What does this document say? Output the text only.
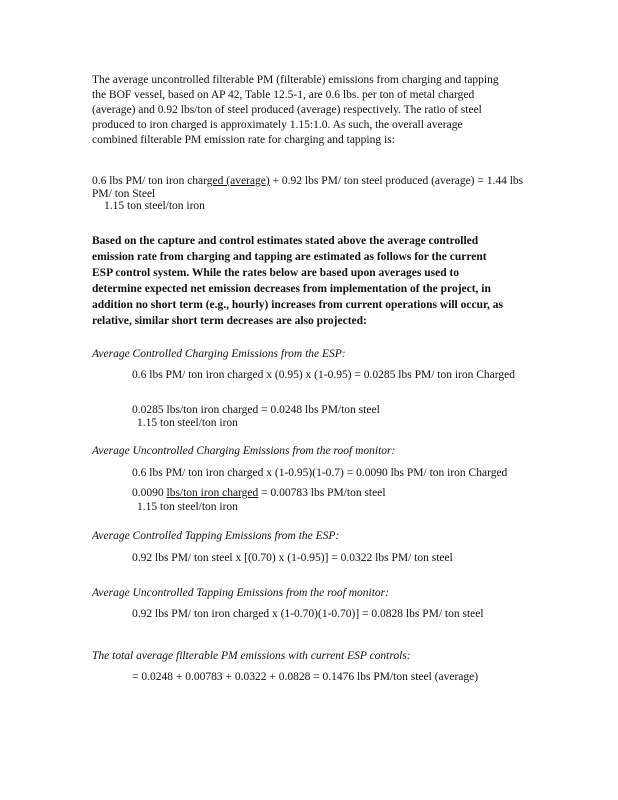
The average uncontrolled filterable PM (filterable) emissions from charging and tapping
the BOF vessel, based on AP 42, Table 12.5-1, are 0.6 lbs. per ton of metal charged
(average) and 0.92 lbs/ton of steel produced (average) respectively. The ratio of steel
produced to iron charged is approximately 1.15:1.0. As such, the overall average
combined filterable PM emission rate for charging and tapping is:
0.6 lbs PM/ ton iron charged (average) + 0.92 lbs PM/ ton steel produced (average) = 1.44 lbs
PM/ ton Steel
1.15 ton steel/ton iron
Based on the capture and control estimates stated above the average controlled
emission rate from charging and tapping are estimated as follows for the current
ESP control system. While the rates below are based upon averages used to
determine expected net emission decreases from implementation of the project, in
addition no short term (e.g., hourly) increases from current operations will occur, as
relative, similar short term decreases are also projected:
Average Controlled Charging Emissions from the ESP:
0.6 lbs PM/ ton iron charged x (0.95) x (1-0.95) = 0.0285 lbs PM/ ton iron Charged
0.0285 lbs/ton iron charged = 0.0248 lbs PM/ton steel
1.15 ton steel/ton iron
Average Uncontrolled Charging Emissions from the roof monitor:
0.6 lbs PM/ ton iron charged x (1-0.95)(1-0.7) = 0.0090 lbs PM/ ton iron Charged
0.0090 lbs/ton iron charged = 0.00783 lbs PM/ton steel
1.15 ton steel/ton iron
Average Controlled Tapping Emissions from the ESP:
0.92 lbs PM/ ton steel x [(0.70) x (1-0.95)] = 0.0322 lbs PM/ ton steel
Average Uncontrolled Tapping Emissions from the roof monitor:
0.92 lbs PM/ ton iron charged x (1-0.70)(1-0.70)] = 0.0828 lbs PM/ ton steel
The total average filterable PM emissions with current ESP controls:
= 0.0248 + 0.00783 + 0.0322 + 0.0828 = 0.1476 lbs PM/ton steel (average)
